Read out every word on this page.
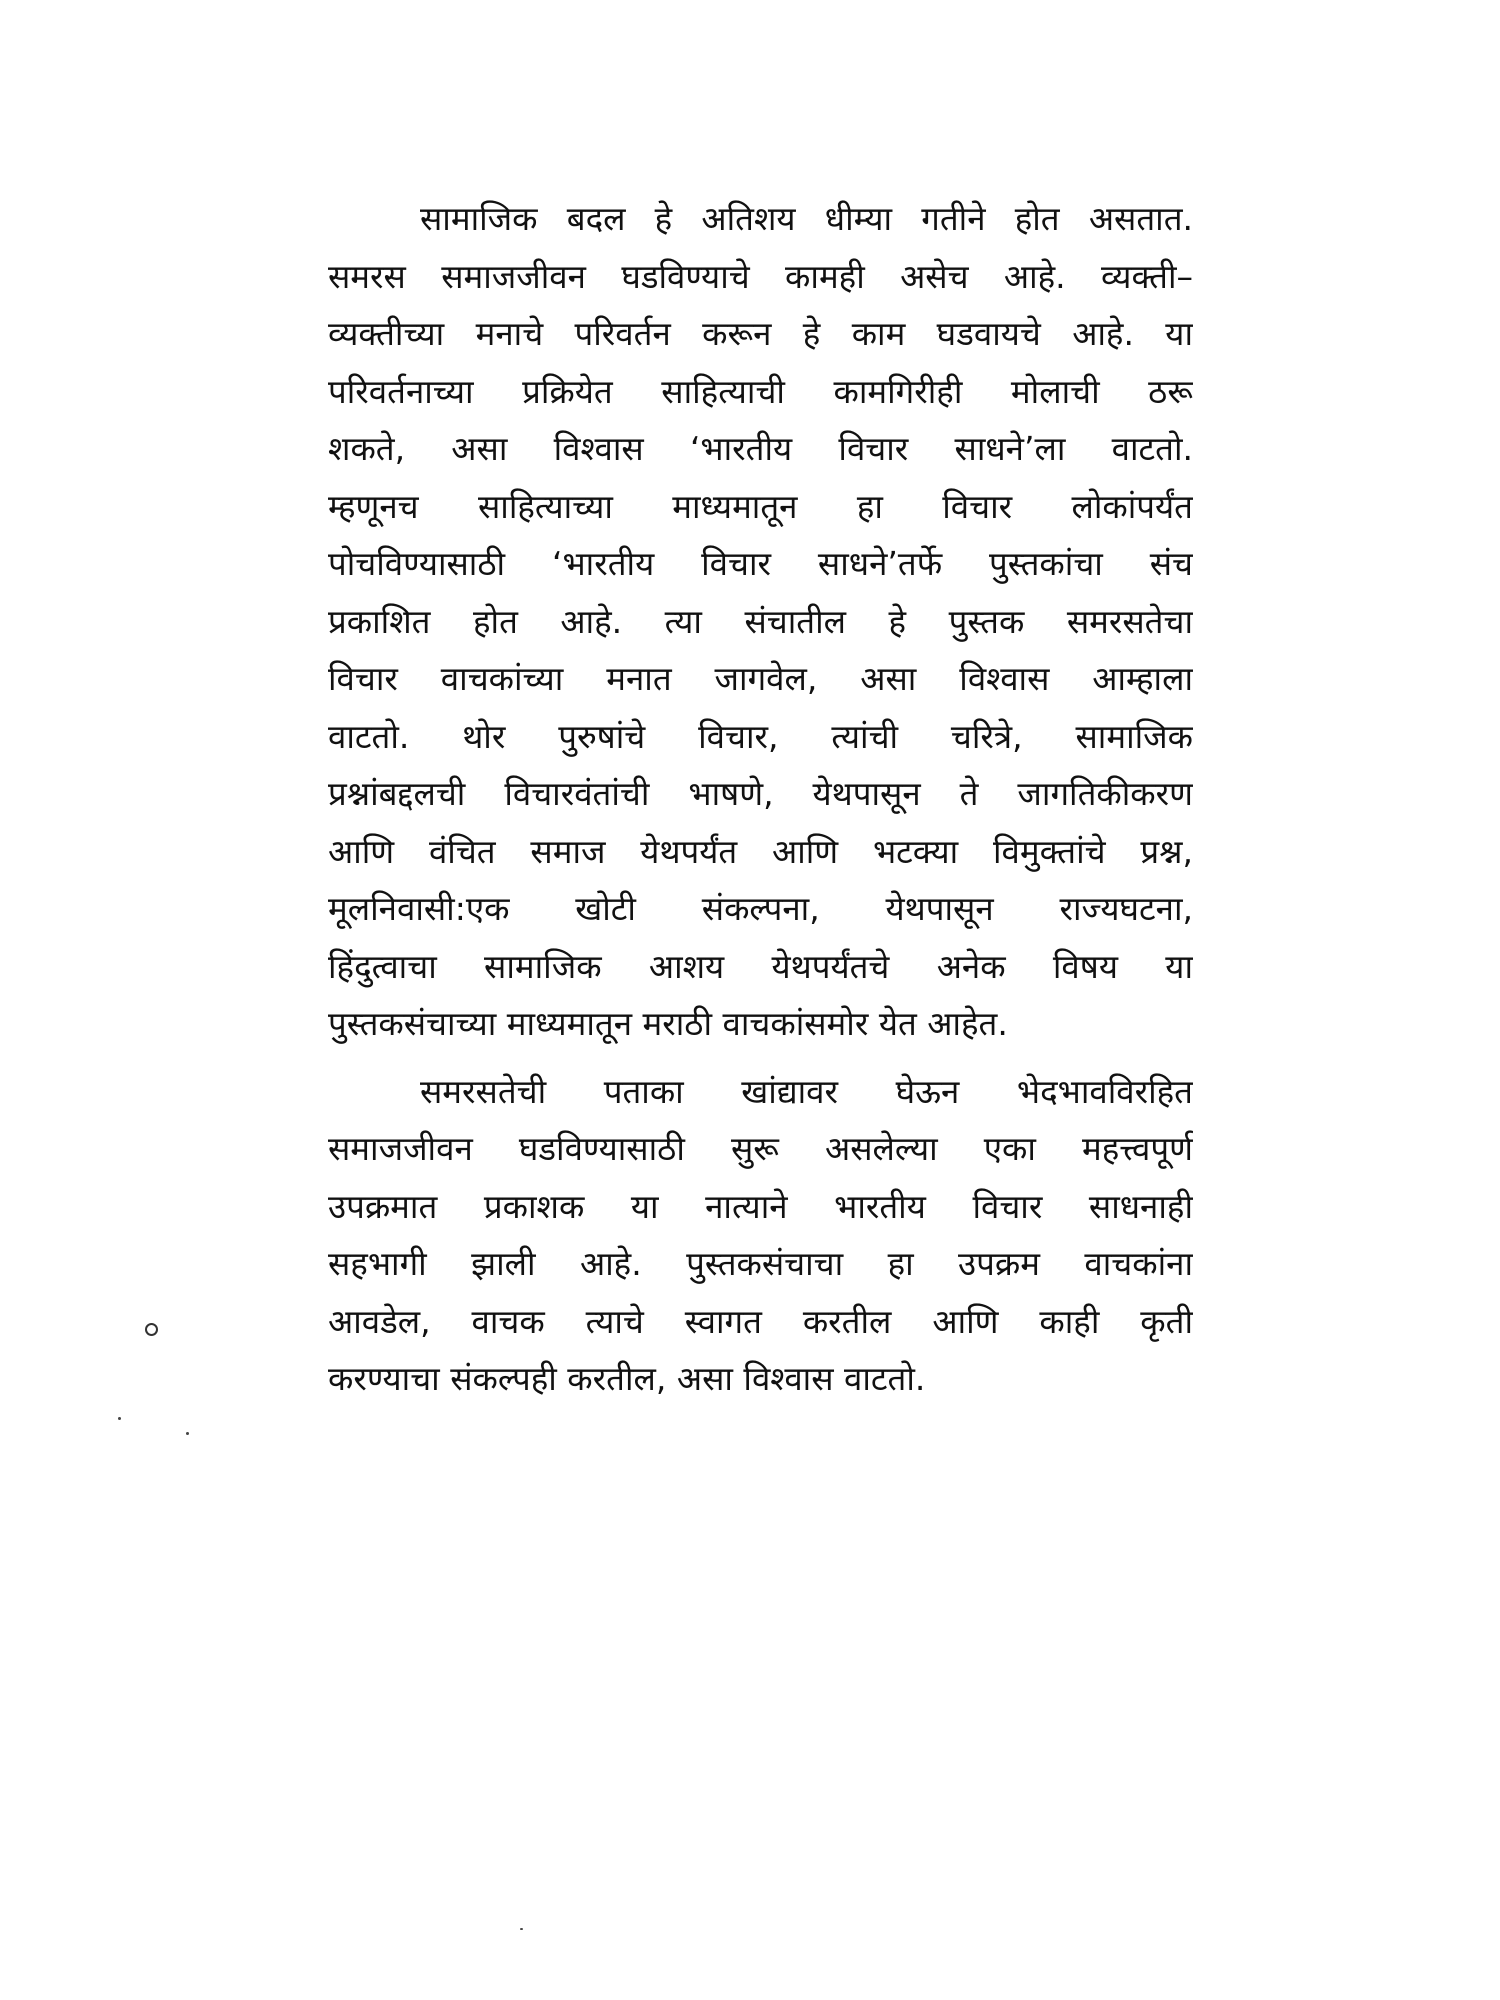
सामाजिक बदल हे अतिशय धीम्या गतीने होत असतात.
समरस समाजजीवन घडविण्याचे कामही असेच आहे. व्यक्ती–
व्यक्तीच्या मनाचे परिवर्तन करून हे काम घडवायचे आहे. या
परिवर्तनाच्या प्रक्रियेत साहित्याची कामगिरीही मोलाची ठरू
शकते, असा विश्वास ‘भारतीय विचार साधने’ला वाटतो.
म्हणूनच साहित्याच्या माध्यमातून हा विचार लोकांपर्यंत
पोचविण्यासाठी ‘भारतीय विचार साधने’तर्फे पुस्तकांचा संच
प्रकाशित होत आहे. त्या संचातील हे पुस्तक समरसतेचा
विचार वाचकांच्या मनात जागवेल, असा विश्वास आम्हाला
वाटतो. थोर पुरुषांचे विचार, त्यांची चरित्रे, सामाजिक
प्रश्नांबद्दलची विचारवंतांची भाषणे, येथपासून ते जागतिकीकरण
आणि वंचित समाज येथपर्यंत आणि भटक्या विमुक्तांचे प्रश्न,
मूलनिवासी:एक खोटी संकल्पना, येथपासून राज्यघटना,
हिंदुत्वाचा सामाजिक आशय येथपर्यंतचे अनेक विषय या
पुस्तकसंचाच्या माध्यमातून मराठी वाचकांसमोर येत आहेत.
समरसतेची पताका खांद्यावर घेऊन भेदभावविरहित
समाजजीवन घडविण्यासाठी सुरू असलेल्या एका महत्त्वपूर्ण
उपक्रमात प्रकाशक या नात्याने भारतीय विचार साधनाही
सहभागी झाली आहे. पुस्तकसंचाचा हा उपक्रम वाचकांना
आवडेल, वाचक त्याचे स्वागत करतील आणि काही कृती
करण्याचा संकल्पही करतील, असा विश्वास वाटतो.
